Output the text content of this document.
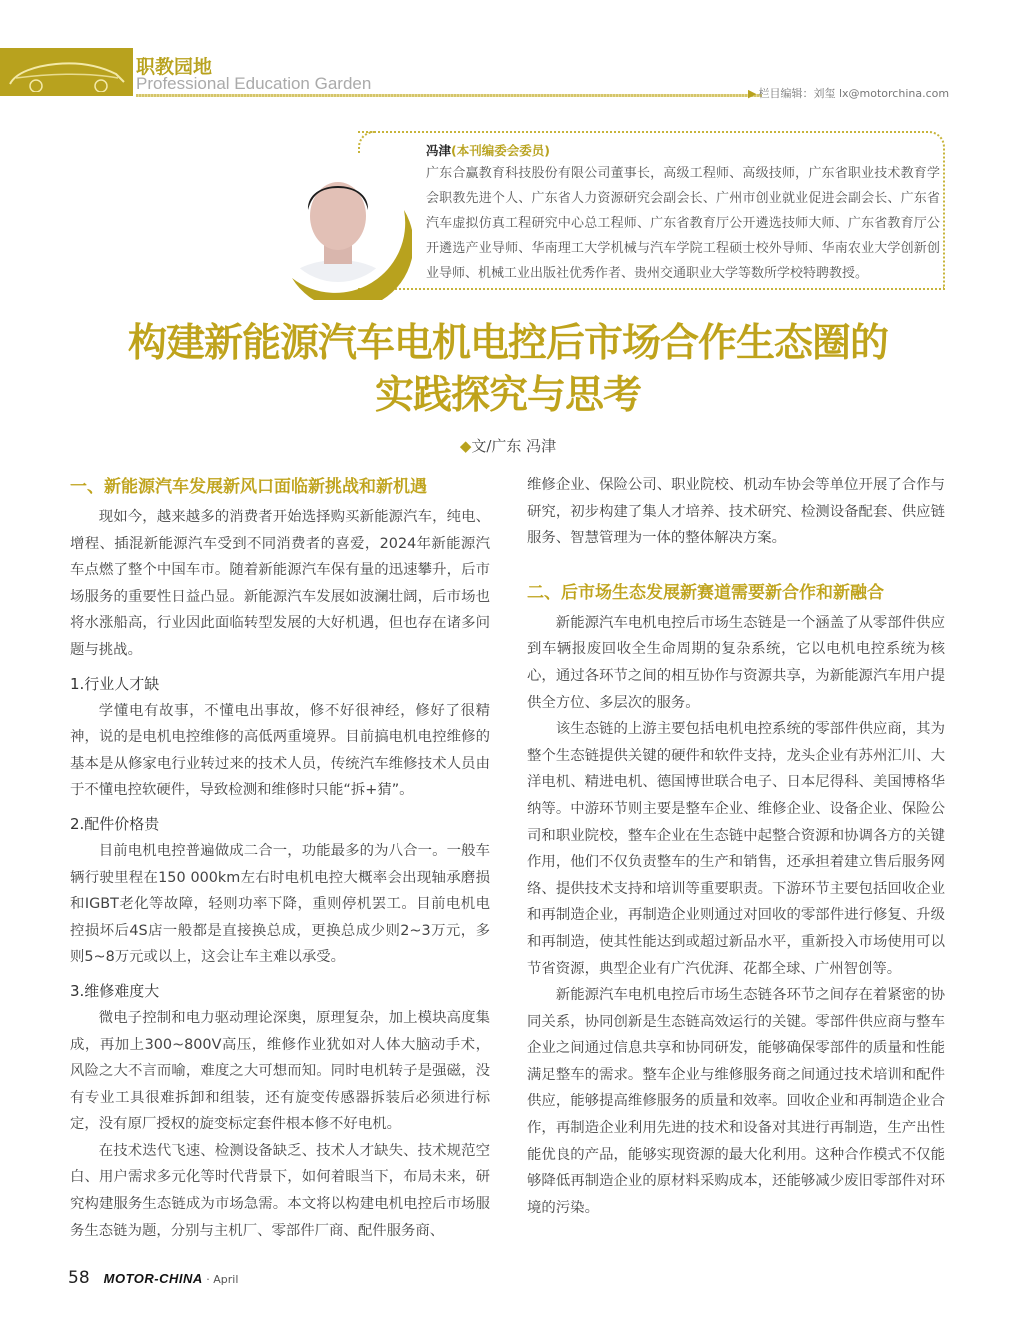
职教园地
Professional Education Garden
▶ 栏目编辑：刘玺 lx@motorchina.com
冯津(本刊编委会委员)
广东合赢教育科技股份有限公司董事长，高级工程师、高级技师，广东省职业技术教育学会职教先进个人、广东省人力资源研究会副会长、广州市创业就业促进会副会长、广东省汽车虚拟仿真工程研究中心总工程师、广东省教育厅公开遴选技师大师、广东省教育厅公开遴选产业导师、华南理工大学机械与汽车学院工程硕士校外导师、华南农业大学创新创业导师、机械工业出版社优秀作者、贵州交通职业大学等数所学校特聘教授。
构建新能源汽车电机电控后市场合作生态圈的
实践探究与思考
◆文/广东 冯津
一、新能源汽车发展新风口面临新挑战和新机遇

现如今，越来越多的消费者开始选择购买新能源汽车，纯电、增程、插混新能源汽车受到不同消费者的喜爱，2024年新能源汽车点燃了整个中国车市。随着新能源汽车保有量的迅速攀升，后市场服务的重要性日益凸显。新能源汽车发展如波澜壮阔，后市场也将水涨船高，行业因此面临转型发展的大好机遇，但也存在诸多问题与挑战。

1.行业人才缺

学懂电有故事，不懂电出事故，修不好很神经，修好了很精神，说的是电机电控维修的高低两重境界。目前搞电机电控维修的基本是从修家电行业转过来的技术人员，传统汽车维修技术人员由于不懂电控软硬件，导致检测和维修时只能“拆+猜”。

2.配件价格贵

目前电机电控普遍做成二合一，功能最多的为八合一。一般车辆行驶里程在150 000km左右时电机电控大概率会出现轴承磨损和IGBT老化等故障，轻则功率下降，重则停机罢工。目前电机电控损坏后4S店一般都是直接换总成，更换总成少则2~3万元，多则5~8万元或以上，这会让车主难以承受。

3.维修难度大

微电子控制和电力驱动理论深奥，原理复杂，加上模块高度集成，再加上300~800V高压，维修作业犹如对人体大脑动手术，风险之大不言而喻，难度之大可想而知。同时电机转子是强磁，没有专业工具很难拆卸和组装，还有旋变传感器拆装后必须进行标定，没有原厂授权的旋变标定套件根本修不好电机。

在技术迭代飞速、检测设备缺乏、技术人才缺失、技术规范空白、用户需求多元化等时代背景下，如何着眼当下，布局未来，研究构建服务生态链成为市场急需。本文将以构建电机电控后市场服务生态链为题，分别与主机厂、零部件厂商、配件服务商、

维修企业、保险公司、职业院校、机动车协会等单位开展了合作与研究，初步构建了集人才培养、技术研究、检测设备配套、供应链服务、智慧管理为一体的整体解决方案。

二、后市场生态发展新赛道需要新合作和新融合

新能源汽车电机电控后市场生态链是一个涵盖了从零部件供应到车辆报废回收全生命周期的复杂系统，它以电机电控系统为核心，通过各环节之间的相互协作与资源共享，为新能源汽车用户提供全方位、多层次的服务。

该生态链的上游主要包括电机电控系统的零部件供应商，其为整个生态链提供关键的硬件和软件支持，龙头企业有苏州汇川、大洋电机、精进电机、德国博世联合电子、日本尼得科、美国博格华纳等。中游环节则主要是整车企业、维修企业、设备企业、保险公司和职业院校，整车企业在生态链中起整合资源和协调各方的关键作用，他们不仅负责整车的生产和销售，还承担着建立售后服务网络、提供技术支持和培训等重要职责。下游环节主要包括回收企业和再制造企业，再制造企业则通过对回收的零部件进行修复、升级和再制造，使其性能达到或超过新品水平，重新投入市场使用可以节省资源，典型企业有广汽优湃、花都全球、广州智创等。

新能源汽车电机电控后市场生态链各环节之间存在着紧密的协同关系，协同创新是生态链高效运行的关键。零部件供应商与整车企业之间通过信息共享和协同研发，能够确保零部件的质量和性能满足整车的需求。整车企业与维修服务商之间通过技术培训和配件供应，能够提高维修服务的质量和效率。回收企业和再制造企业合作，再制造企业利用先进的技术和设备对其进行再制造，生产出性能优良的产品，能够实现资源的最大化利用。这种合作模式不仅能够降低再制造企业的原材料采购成本，还能够减少废旧零部件对环境的污染。

58 MOTOR-CHINA · April
